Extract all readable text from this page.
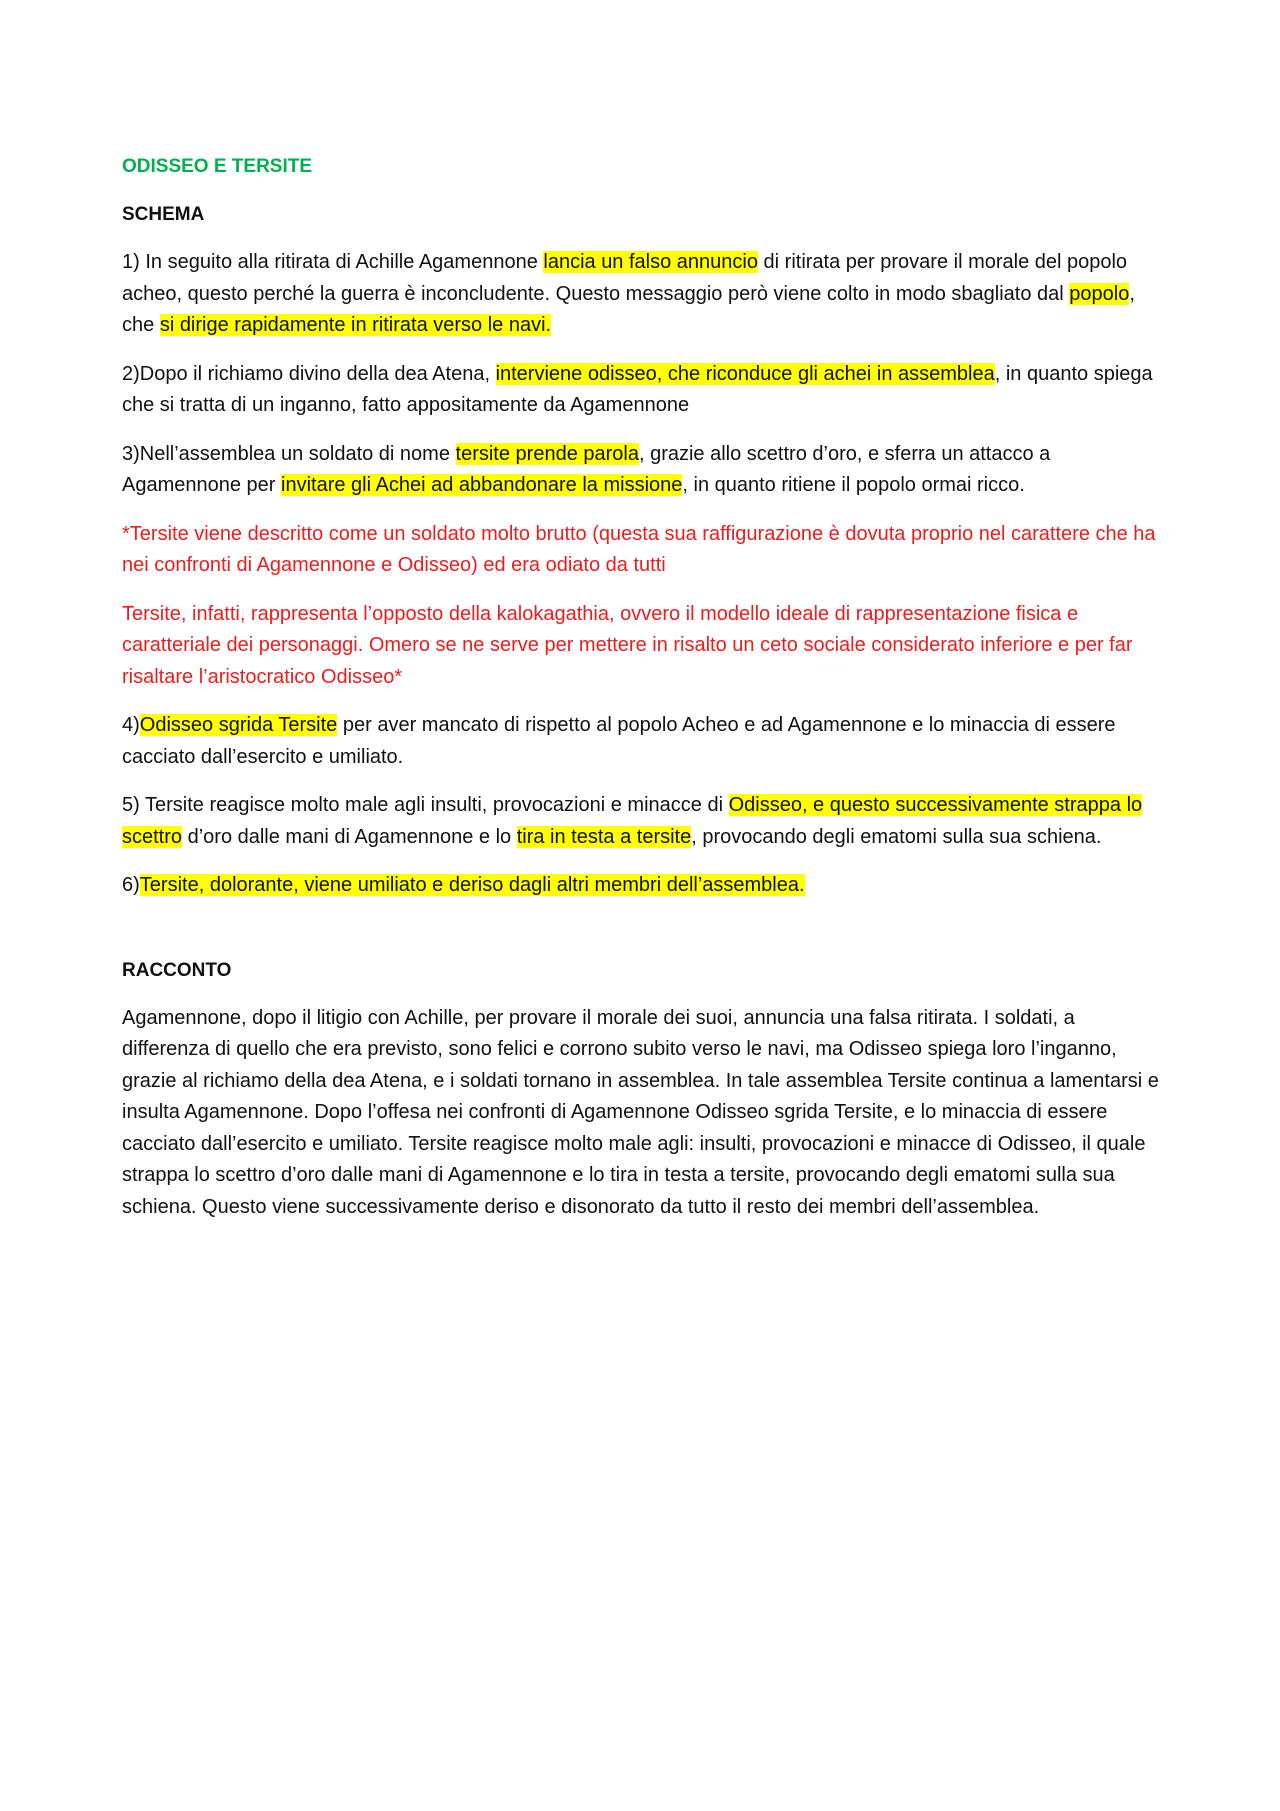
ODISSEO E TERSITE
SCHEMA
1) In seguito alla ritirata di Achille Agamennone lancia un falso annuncio di ritirata per provare il morale del popolo acheo, questo perché la guerra è inconcludente. Questo messaggio però viene colto in modo sbagliato dal popolo, che si dirige rapidamente in ritirata verso le navi.
2)Dopo il richiamo divino della dea Atena, interviene odisseo, che riconduce gli achei in assemblea, in quanto spiega che si tratta di un inganno, fatto appositamente da Agamennone
3)Nell’assemblea un soldato di nome tersite prende parola, grazie allo scettro d’oro, e sferra un attacco a Agamennone per invitare gli Achei ad abbandonare la missione, in quanto ritiene il popolo ormai ricco.
*Tersite viene descritto come un soldato molto brutto (questa sua raffigurazione è dovuta proprio nel carattere che ha nei confronti di Agamennone e Odisseo) ed era odiato da tutti
Tersite, infatti, rappresenta l’opposto della kalokagathia, ovvero il modello ideale di rappresentazione fisica e caratteriale dei personaggi. Omero se ne serve per mettere in risalto un ceto sociale considerato inferiore e per far risaltare l’aristocratico Odisseo*
4)Odisseo sgrida Tersite per aver mancato di rispetto al popolo Acheo e ad Agamennone e lo minaccia di essere cacciato dall’esercito e umiliato.
5) Tersite reagisce molto male agli insulti, provocazioni e minacce di Odisseo, e questo successivamente strappa lo scettro d’oro dalle mani di Agamennone e lo tira in testa a tersite, provocando degli ematomi sulla sua schiena.
6)Tersite, dolorante, viene umiliato e deriso dagli altri membri dell’assemblea.
RACCONTO
Agamennone, dopo il litigio con Achille, per provare il morale dei suoi, annuncia una falsa ritirata. I soldati, a differenza di quello che era previsto, sono felici e corrono subito verso le navi, ma Odisseo spiega loro l’inganno, grazie al richiamo della dea Atena, e i soldati tornano in assemblea. In tale assemblea Tersite continua a lamentarsi e insulta Agamennone. Dopo l’offesa nei confronti di Agamennone Odisseo sgrida Tersite, e lo minaccia di essere cacciato dall’esercito e umiliato. Tersite reagisce molto male agli: insulti, provocazioni e minacce di Odisseo, il quale strappa lo scettro d’oro dalle mani di Agamennone e lo tira in testa a tersite, provocando degli ematomi sulla sua schiena. Questo viene successivamente deriso e disonorato da tutto il resto dei membri dell’assemblea.
